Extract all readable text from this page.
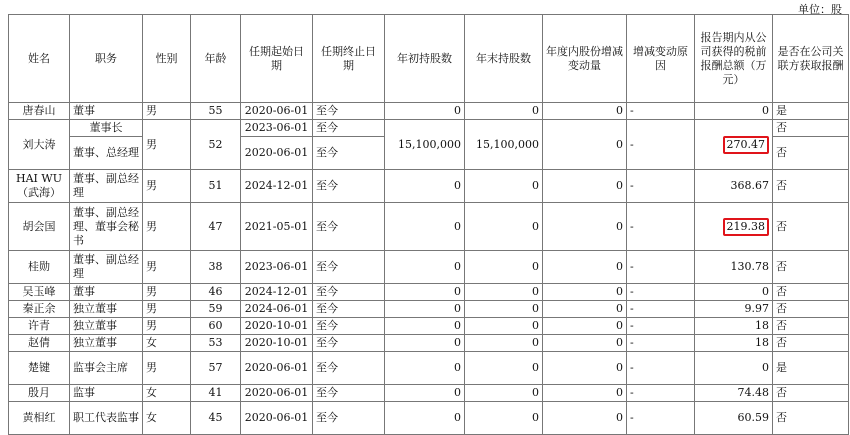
单位：股
姓名	职务	性别	年龄	任期起始日期	任期终止日期	年初持股数	年末持股数	年度内股份增减变动量	增减变动原因	报告期内从公司获得的税前报酬总额（万元）	是否在公司关联方获取报酬
唐春山	董事	男	55	2020-06-01	至今	0	0	0	-	0	是
刘大涛	董事长	男	52	2023-06-01	至今	15,100,000	15,100,000	0	-	270.47	否
	董事、总经理			2020-06-01	至今						否
HAI WU（武海）	董事、副总经理	男	51	2024-12-01	至今	0	0	0	-	368.67	否
胡会国	董事、副总经理、董事会秘书	男	47	2021-05-01	至今	0	0	0	-	219.38	否
桂勋	董事、副总经理	男	38	2023-06-01	至今	0	0	0	-	130.78	否
吴玉峰	董事	男	46	2024-12-01	至今	0	0	0	-	0	否
秦正余	独立董事	男	59	2024-06-01	至今	0	0	0	-	9.97	否
许青	独立董事	男	60	2020-10-01	至今	0	0	0	-	18	否
赵倩	独立董事	女	53	2020-10-01	至今	0	0	0	-	18	否
楚键	监事会主席	男	57	2020-06-01	至今	0	0	0	-	0	是
殷月	监事	女	41	2020-06-01	至今	0	0	0	-	74.48	否
黄相红	职工代表监事	女	45	2020-06-01	至今	0	0	0	-	60.59	否
